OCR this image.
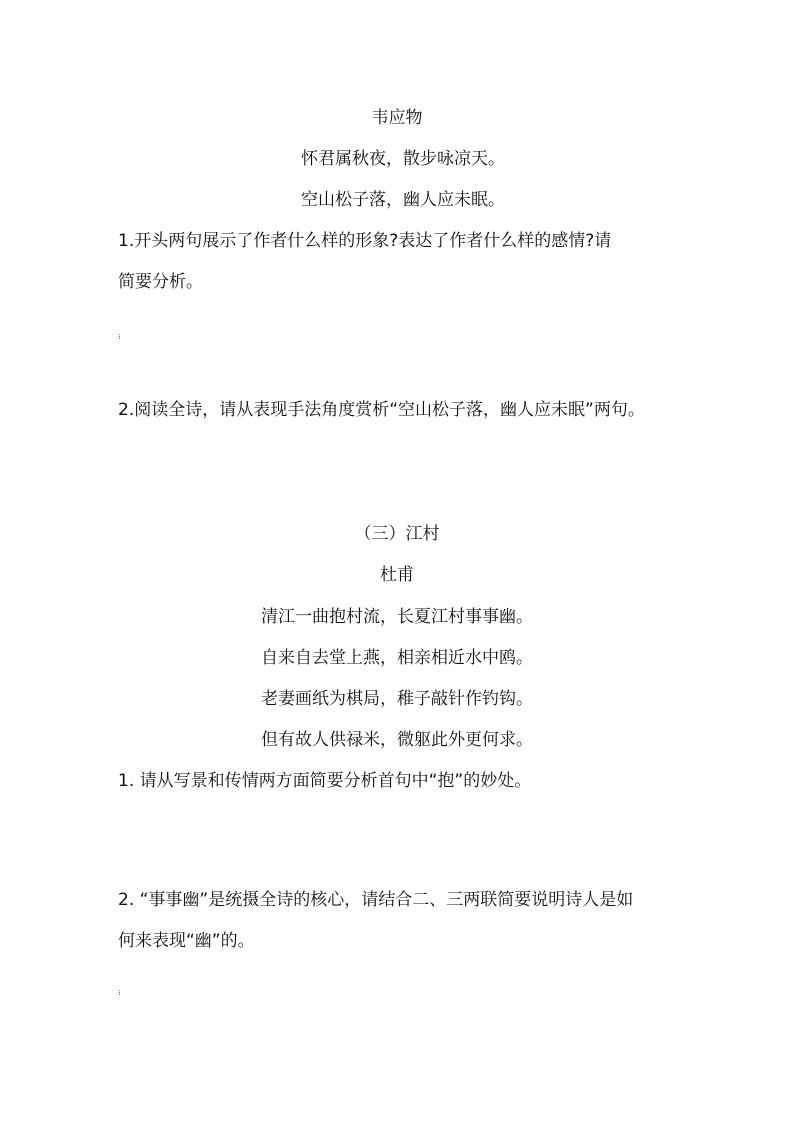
韦应物
怀君属秋夜，散步咏凉天。
空山松子落，幽人应未眠。
1.开头两句展示了作者什么样的形象?表达了作者什么样的感情?请
简要分析。
2.阅读全诗，请从表现手法角度赏析“空山松子落，幽人应未眠”两句。
（三）江村
杜甫
清江一曲抱村流，长夏江村事事幽。
自来自去堂上燕，相亲相近水中鸥。
老妻画纸为棋局，稚子敲针作钓钩。
但有故人供禄米，微躯此外更何求。
1. 请从写景和传情两方面简要分析首句中“抱”的妙处。
2. “事事幽”是统摄全诗的核心，请结合二、三两联简要说明诗人是如
何来表现“幽”的。
